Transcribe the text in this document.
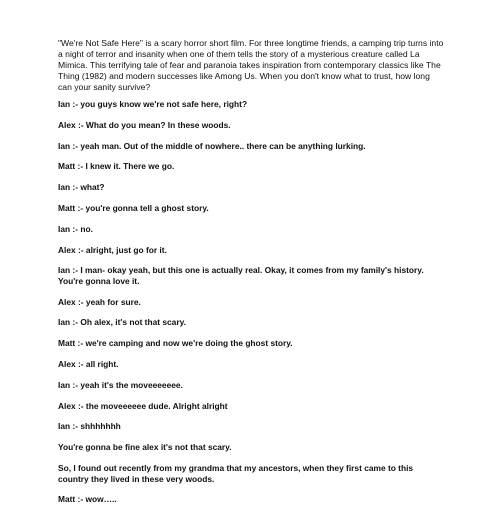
"We're Not Safe Here" is a scary horror short film. For three longtime friends, a camping trip turns into a night of terror and insanity when one of them tells the story of a mysterious creature called La Mimica. This terrifying tale of fear and paranoia takes inspiration from contemporary classics like The Thing (1982) and modern successes like Among Us. When you don't know what to trust, how long can your sanity survive?

Ian :- you guys know we're not safe here, right?

Alex :- What do you mean? In these woods.

Ian :- yeah man. Out of the middle of nowhere.. there can be anything lurking.

Matt :- I knew it. There we go.

Ian :- what?

Matt :- you're gonna tell a ghost story.

Ian :- no.

Alex :- alright, just go for it.

Ian :- I man- okay yeah, but this one is actually real. Okay, it comes from my family's history. You're gonna love it.

Alex :- yeah for sure.

Ian :- Oh alex, it's not that scary.

Matt :- we're camping and now we're doing the ghost story.

Alex :- all right.

Ian :- yeah it's the moveeeeeee.

Alex :- the moveeeeee dude. Alright alright

Ian :- shhhhhhh

You're gonna be fine alex it's not that scary.

So, I found out recently from my grandma that my ancestors, when they first came to this country they lived in these very woods.

Matt :- wow…..
